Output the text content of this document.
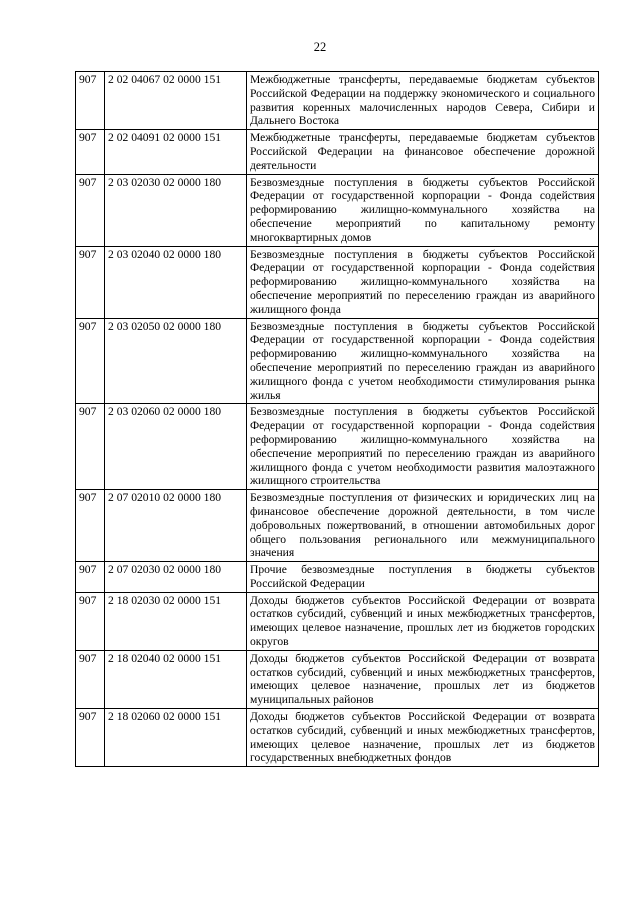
22
907	2 02 04067 02 0000 151	Межбюджетные трансферты, передаваемые бюджетам субъектов Российской Федерации на поддержку экономического и социального развития коренных малочисленных народов Севера, Сибири и Дальнего Востока
907	2 02 04091 02 0000 151	Межбюджетные трансферты, передаваемые бюджетам субъектов Российской Федерации на финансовое обеспечение дорожной деятельности
907	2 03 02030 02 0000 180	Безвозмездные поступления в бюджеты субъектов Российской Федерации от государственной корпорации - Фонда содействия реформированию жилищно-коммунального хозяйства на обеспечение мероприятий по капитальному ремонту многоквартирных домов
907	2 03 02040 02 0000 180	Безвозмездные поступления в бюджеты субъектов Российской Федерации от государственной корпорации - Фонда содействия реформированию жилищно-коммунального хозяйства на обеспечение мероприятий по переселению граждан из аварийного жилищного фонда
907	2 03 02050 02 0000 180	Безвозмездные поступления в бюджеты субъектов Российской Федерации от государственной корпорации - Фонда содействия реформированию жилищно-коммунального хозяйства на обеспечение мероприятий по переселению граждан из аварийного жилищного фонда с учетом необходимости стимулирования рынка жилья
907	2 03 02060 02 0000 180	Безвозмездные поступления в бюджеты субъектов Российской Федерации от государственной корпорации - Фонда содействия реформированию жилищно-коммунального хозяйства на обеспечение мероприятий по переселению граждан из аварийного жилищного фонда с учетом необходимости развития малоэтажного жилищного строительства
907	2 07 02010 02 0000 180	Безвозмездные поступления от физических и юридических лиц на финансовое обеспечение дорожной деятельности, в том числе добровольных пожертвований, в отношении автомобильных дорог общего пользования регионального или межмуниципального значения
907	2 07 02030 02 0000 180	Прочие безвозмездные поступления в бюджеты субъектов Российской Федерации
907	2 18 02030 02 0000 151	Доходы бюджетов субъектов Российской Федерации от возврата остатков субсидий, субвенций и иных межбюджетных трансфертов, имеющих целевое назначение, прошлых лет из бюджетов городских округов
907	2 18 02040 02 0000 151	Доходы бюджетов субъектов Российской Федерации от возврата остатков субсидий, субвенций и иных межбюджетных трансфертов, имеющих целевое назначение, прошлых лет из бюджетов муниципальных районов
907	2 18 02060 02 0000 151	Доходы бюджетов субъектов Российской Федерации от возврата остатков субсидий, субвенций и иных межбюджетных трансфертов, имеющих целевое назначение, прошлых лет из бюджетов государственных внебюджетных фондов
